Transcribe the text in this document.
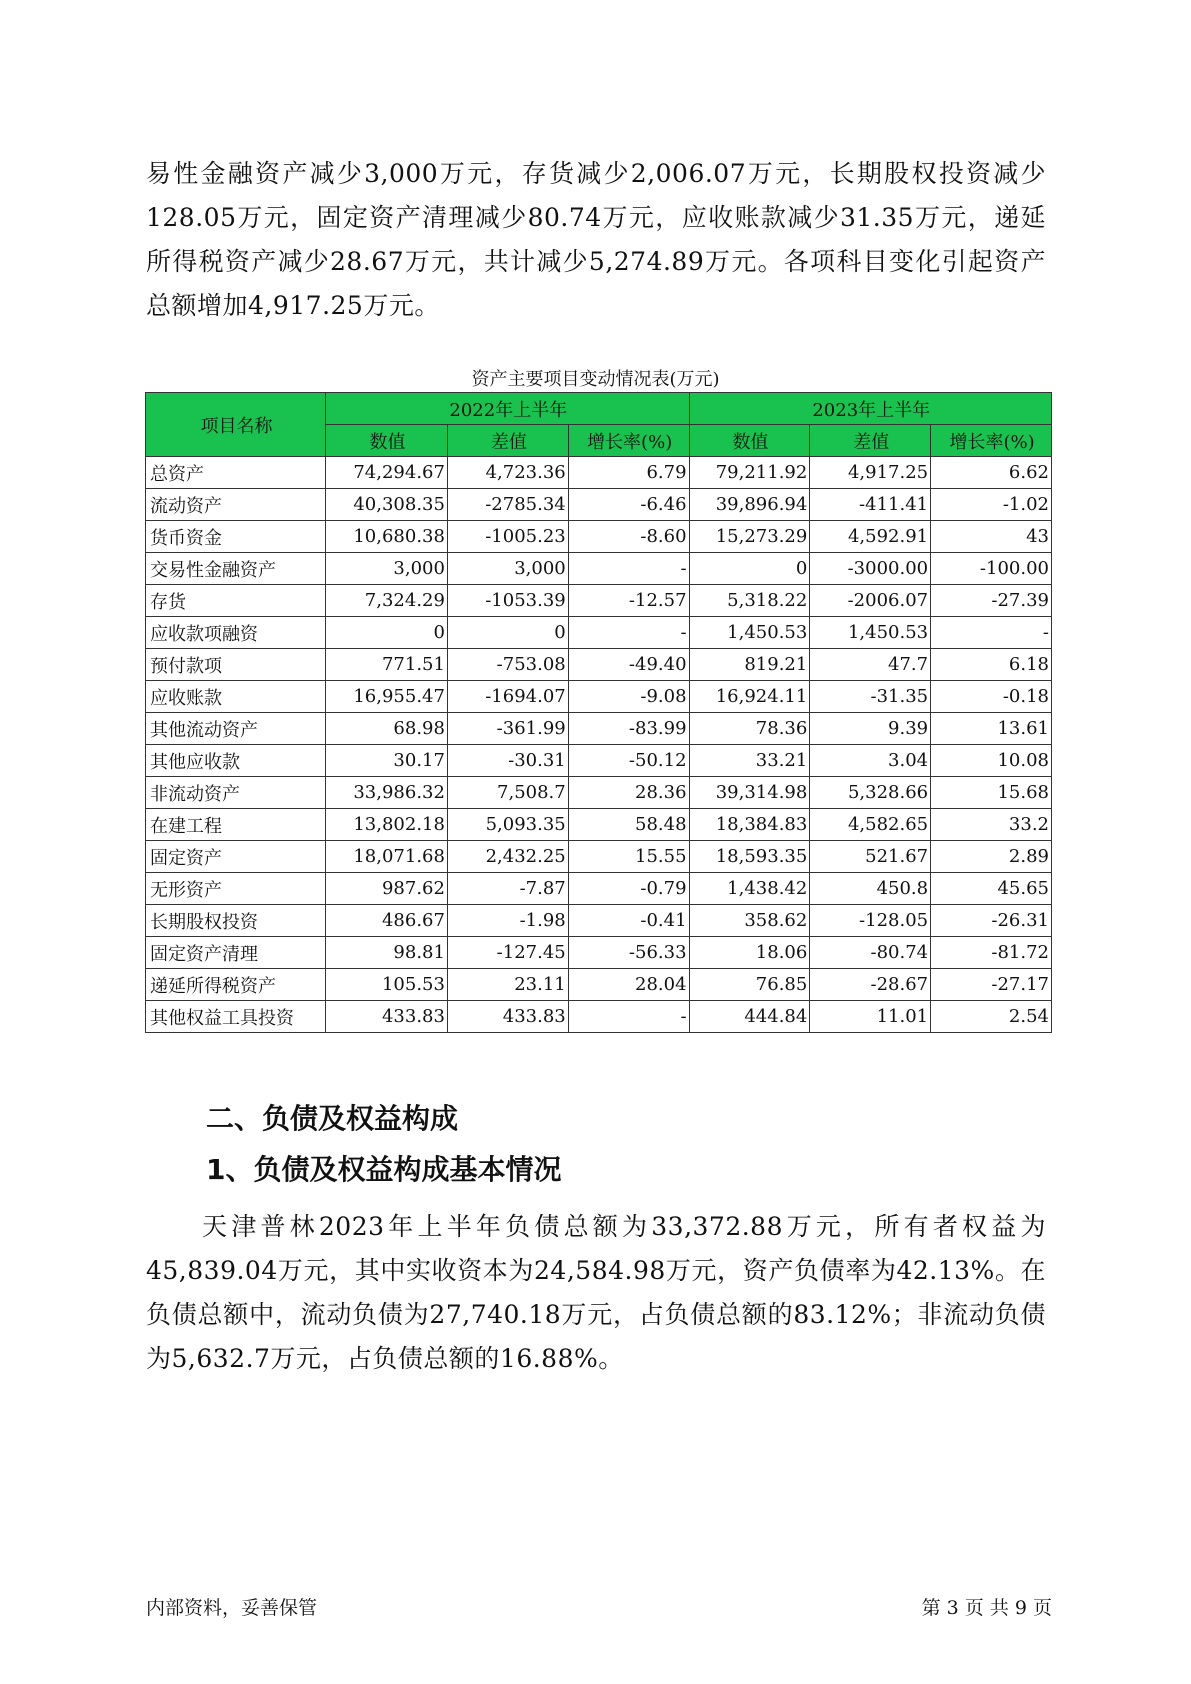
易性金融资产减少3,000万元，存货减少2,006.07万元，长期股权投资减少128.05万元，固定资产清理减少80.74万元，应收账款减少31.35万元，递延所得税资产减少28.67万元，共计减少5,274.89万元。各项科目变化引起资产总额增加4,917.25万元。

资产主要项目变动情况表(万元)
项目名称	2022年上半年			2023年上半年		
	数值	差值	增长率(%)	数值	差值	增长率(%)
总资产	74,294.67	4,723.36	6.79	79,211.92	4,917.25	6.62
流动资产	40,308.35	-2785.34	-6.46	39,896.94	-411.41	-1.02
货币资金	10,680.38	-1005.23	-8.60	15,273.29	4,592.91	43
交易性金融资产	3,000	3,000	-	0	-3000.00	-100.00
存货	7,324.29	-1053.39	-12.57	5,318.22	-2006.07	-27.39
应收款项融资	0	0	-	1,450.53	1,450.53	-
预付款项	771.51	-753.08	-49.40	819.21	47.7	6.18
应收账款	16,955.47	-1694.07	-9.08	16,924.11	-31.35	-0.18
其他流动资产	68.98	-361.99	-83.99	78.36	9.39	13.61
其他应收款	30.17	-30.31	-50.12	33.21	3.04	10.08
非流动资产	33,986.32	7,508.7	28.36	39,314.98	5,328.66	15.68
在建工程	13,802.18	5,093.35	58.48	18,384.83	4,582.65	33.2
固定资产	18,071.68	2,432.25	15.55	18,593.35	521.67	2.89
无形资产	987.62	-7.87	-0.79	1,438.42	450.8	45.65
长期股权投资	486.67	-1.98	-0.41	358.62	-128.05	-26.31
固定资产清理	98.81	-127.45	-56.33	18.06	-80.74	-81.72
递延所得税资产	105.53	23.11	28.04	76.85	-28.67	-27.17
其他权益工具投资	433.83	433.83	-	444.84	11.01	2.54
二、负债及权益构成
1、负债及权益构成基本情况

天津普林2023年上半年负债总额为33,372.88万元，所有者权益为45,839.04万元，其中实收资本为24,584.98万元，资产负债率为42.13%。在负债总额中，流动负债为27,740.18万元，占负债总额的83.12%；非流动负债为5,632.7万元，占负债总额的16.88%。

内部资料，妥善保管	第 3 页 共 9 页
